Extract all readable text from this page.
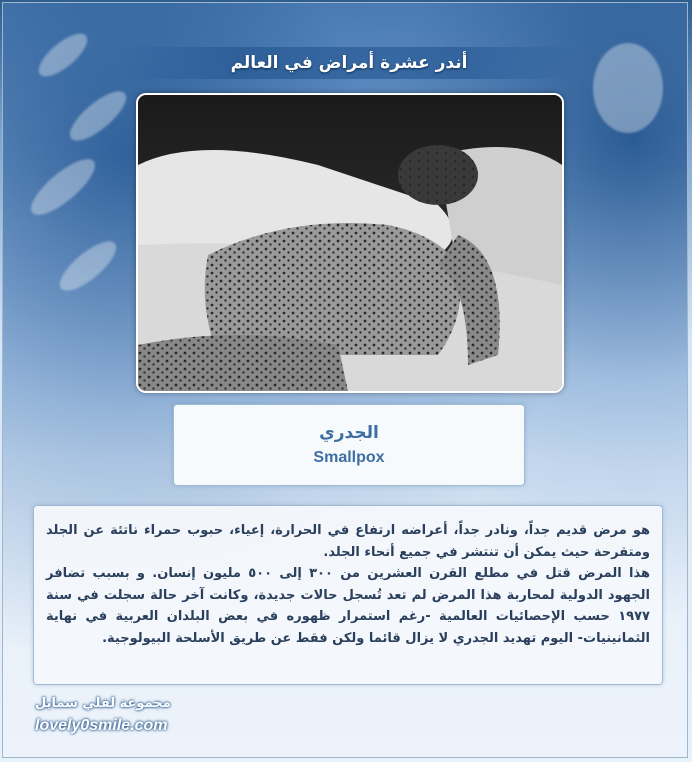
أندر عشرة أمراض في العالم
الجدري
Smallpox

هو مرض قديم جداً، ونادر جداً، أعراضه ارتفاع في الحرارة، إعياء، حبوب حمراء ناتئة عن الجلد ومتقرحة حيث يمكن أن تنتشر في جميع أنحاء الجلد.

هذا المرض قتل في مطلع القرن العشرين من ٣٠٠ إلى ٥٠٠ مليون إنسان. و بسبب تضافر الجهود الدولية لمحاربة هذا المرض لم تعد تُسجل حالات جديدة، وكانت آخر حالة سجلت في سنة ١٩٧٧ حسب الإحصائيات العالمية -رغم استمرار ظهوره في بعض البلدان العربية في نهاية الثمانينيات- اليوم تهديد الجدري لا يزال قائما ولكن فقط عن طريق الأسلحة البيولوجية.

مجموعة لفلي سمايل
lovely0smile.com
